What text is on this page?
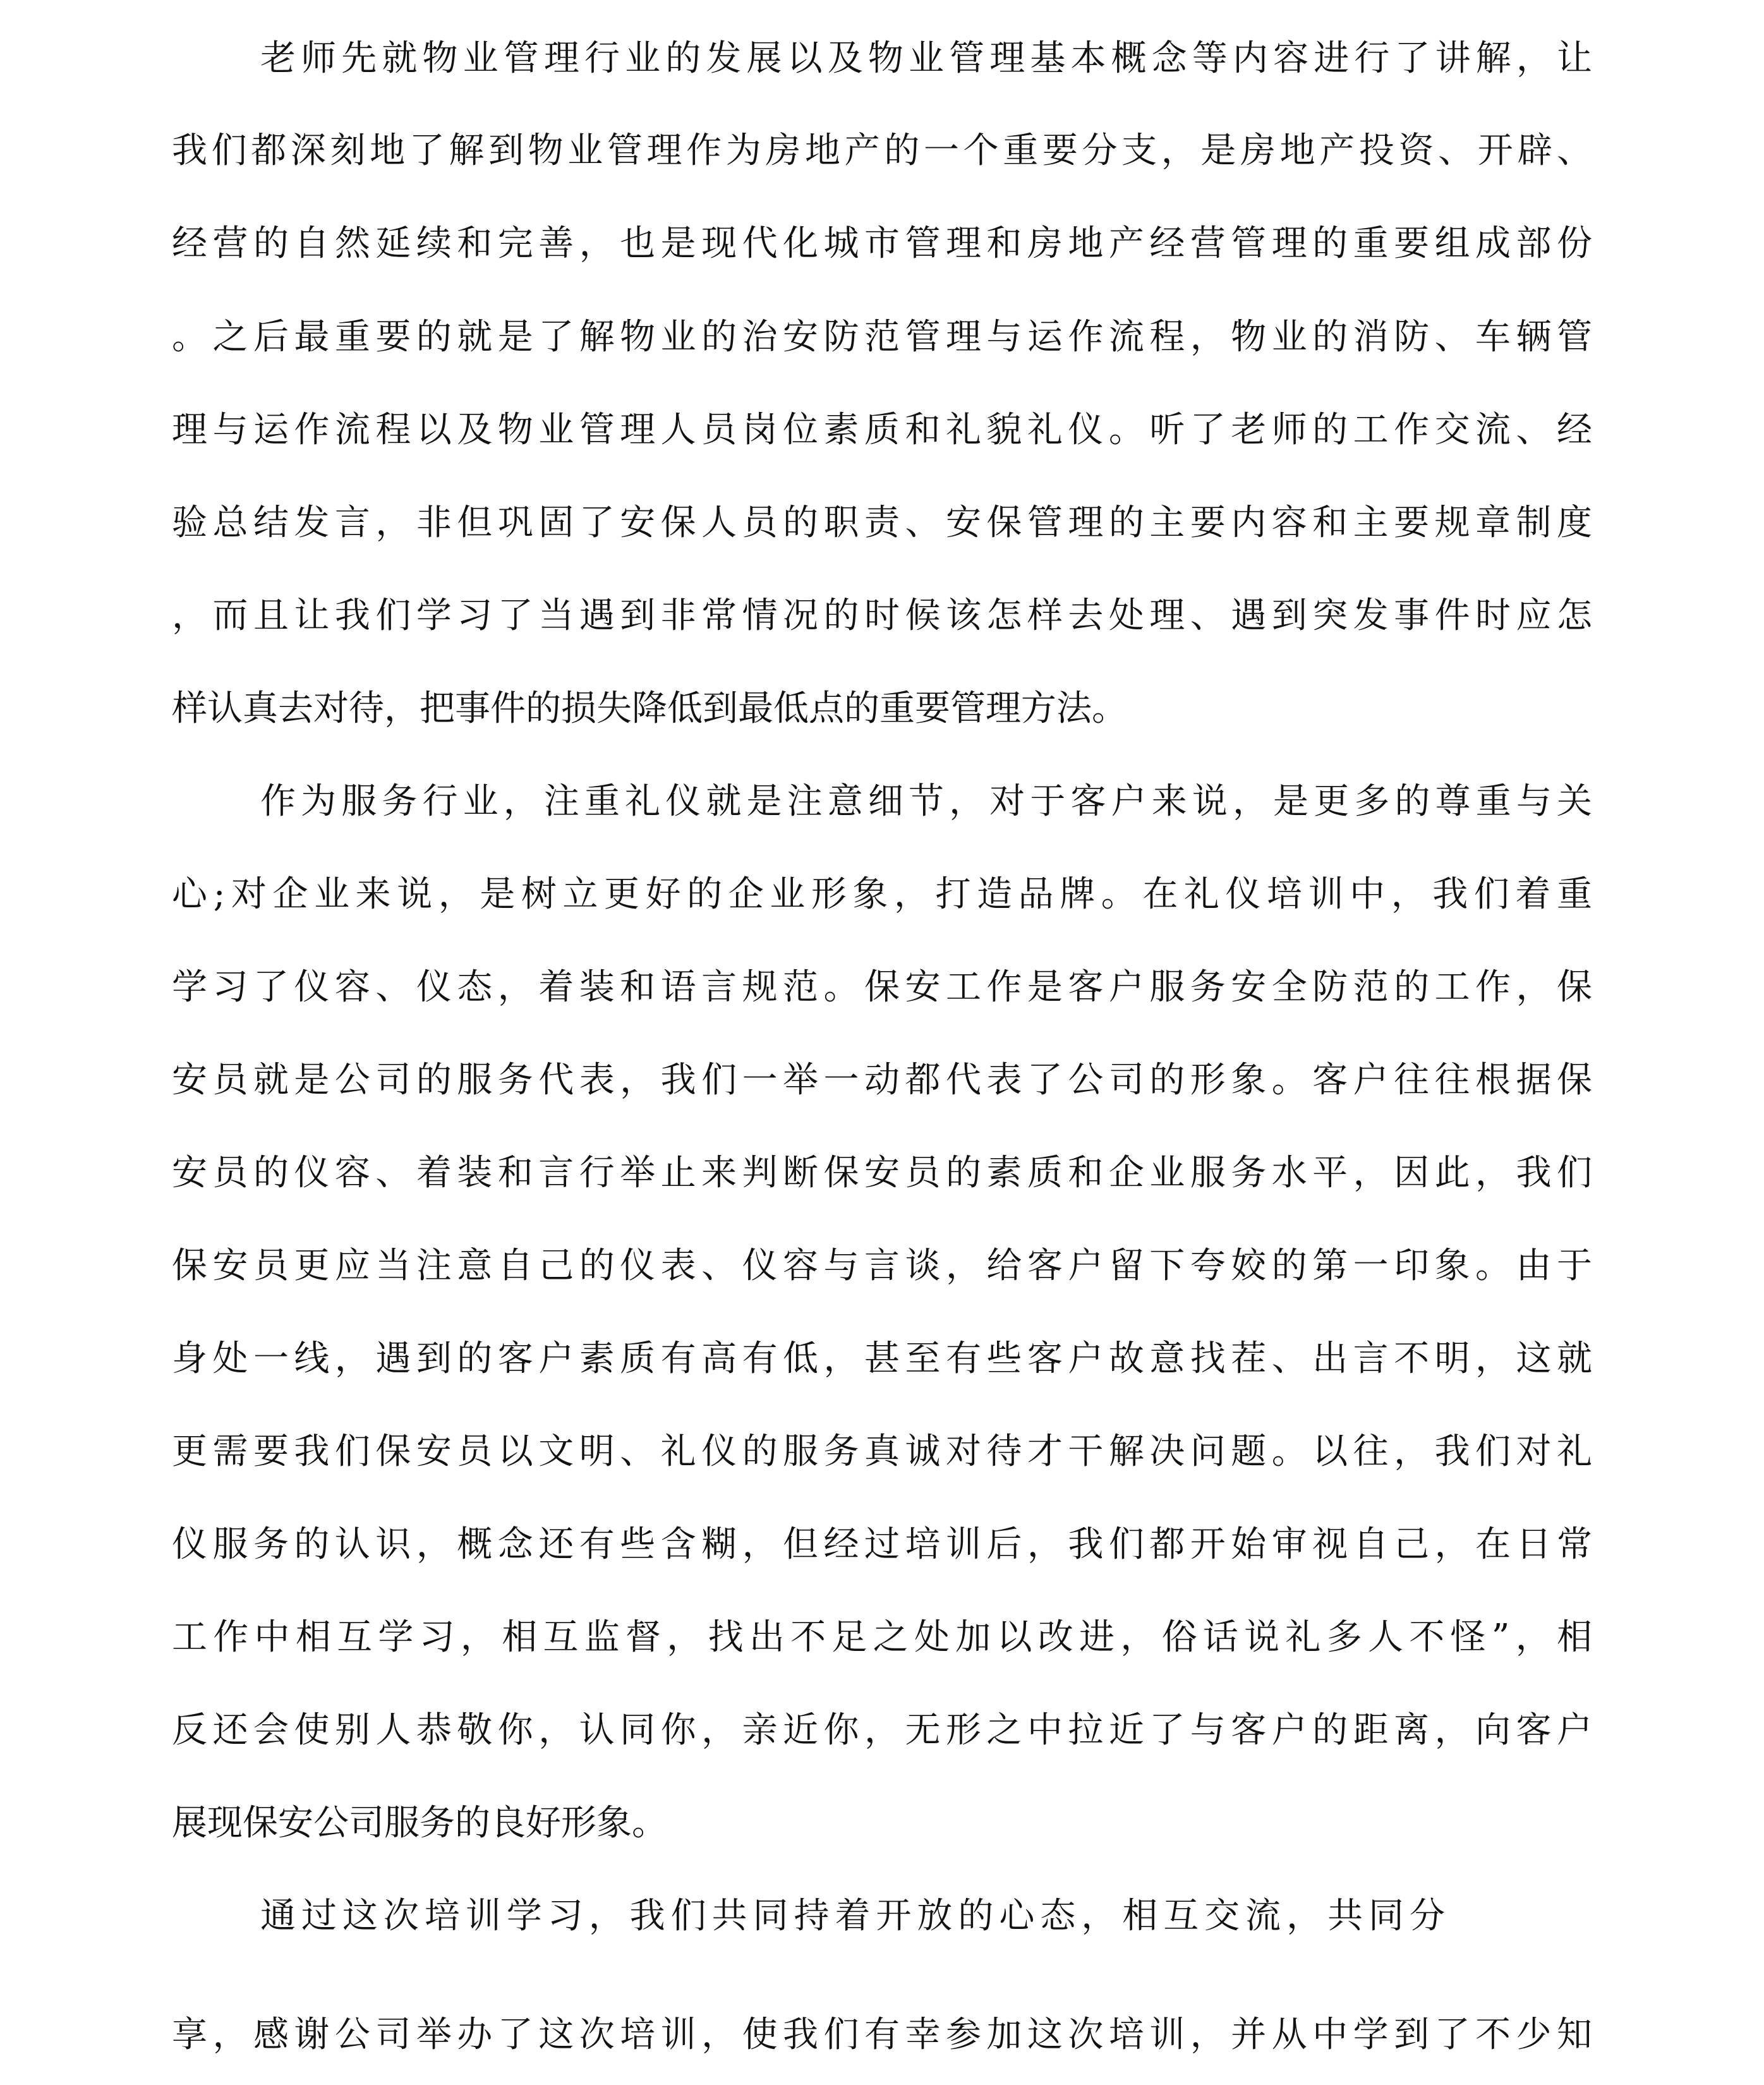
老师先就物业管理行业的发展以及物业管理基本概念等内容进行了讲解，让
我们都深刻地了解到物业管理作为房地产的一个重要分支，是房地产投资、开辟、
经营的自然延续和完善，也是现代化城市管理和房地产经营管理的重要组成部份
。之后最重要的就是了解物业的治安防范管理与运作流程，物业的消防、车辆管
理与运作流程以及物业管理人员岗位素质和礼貌礼仪。听了老师的工作交流、经
验总结发言，非但巩固了安保人员的职责、安保管理的主要内容和主要规章制度
，而且让我们学习了当遇到非常情况的时候该怎样去处理、遇到突发事件时应怎
样认真去对待，把事件的损失降低到最低点的重要管理方法。
作为服务行业，注重礼仪就是注意细节，对于客户来说，是更多的尊重与关
心;对企业来说，是树立更好的企业形象，打造品牌。在礼仪培训中，我们着重
学习了仪容、仪态，着装和语言规范。保安工作是客户服务安全防范的工作，保
安员就是公司的服务代表，我们一举一动都代表了公司的形象。客户往往根据保
安员的仪容、着装和言行举止来判断保安员的素质和企业服务水平，因此，我们
保安员更应当注意自己的仪表、仪容与言谈，给客户留下夸姣的第一印象。由于
身处一线，遇到的客户素质有高有低，甚至有些客户故意找茬、出言不明，这就
更需要我们保安员以文明、礼仪的服务真诚对待才干解决问题。以往，我们对礼
仪服务的认识，概念还有些含糊，但经过培训后，我们都开始审视自己，在日常
工作中相互学习，相互监督，找出不足之处加以改进，俗话说礼多人不怪”，相
反还会使别人恭敬你，认同你，亲近你，无形之中拉近了与客户的距离，向客户
展现保安公司服务的良好形象。
通过这次培训学习，我们共同持着开放的心态，相互交流，共同分
享，感谢公司举办了这次培训，使我们有幸参加这次培训，并从中学到了不少知
